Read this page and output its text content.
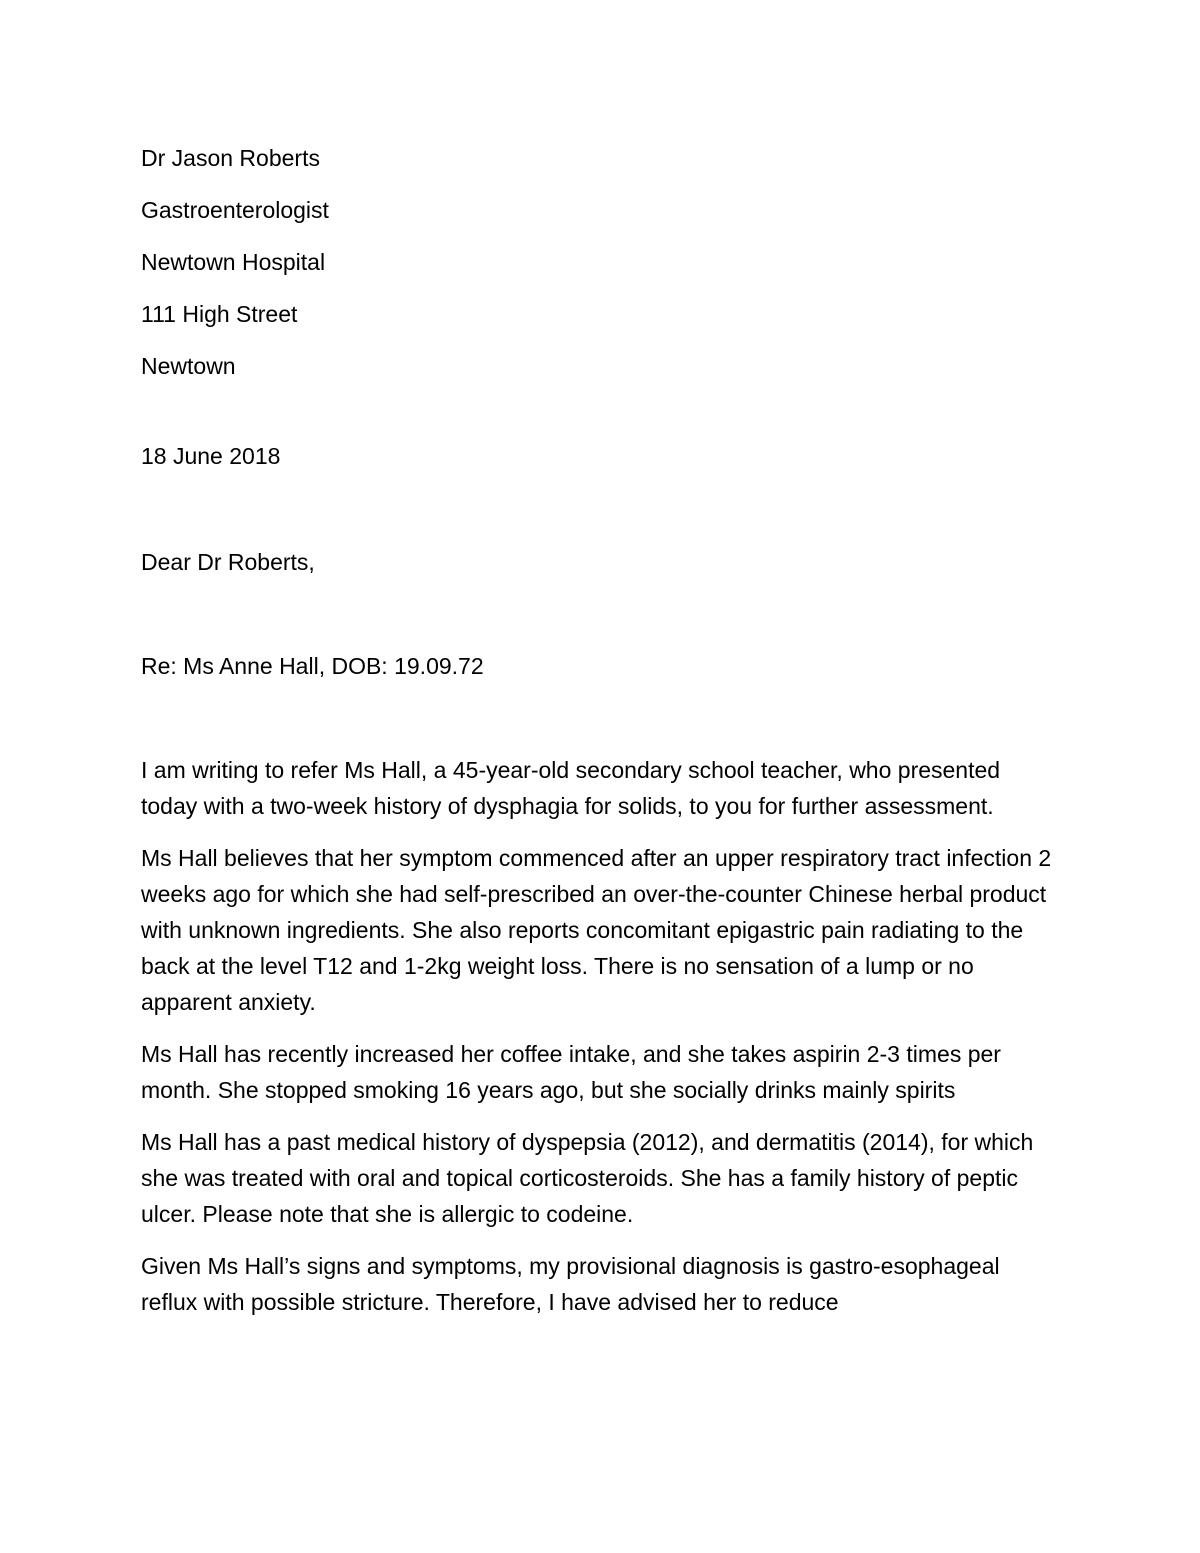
Dr Jason Roberts
Gastroenterologist
Newtown Hospital
111 High Street
Newtown
18 June 2018
Dear Dr Roberts,
Re: Ms Anne Hall, DOB: 19.09.72

I am writing to refer Ms Hall, a 45-year-old secondary school teacher, who presented today with a two-week history of dysphagia for solids, to you for further assessment.

Ms Hall believes that her symptom commenced after an upper respiratory tract infection 2 weeks ago for which she had self-prescribed an over-the-counter Chinese herbal product with unknown ingredients. She also reports concomitant epigastric pain radiating to the back at the level T12 and 1-2kg weight loss. There is no sensation of a lump or no apparent anxiety.

Ms Hall has recently increased her coffee intake, and she takes aspirin 2-3 times per month. She stopped smoking 16 years ago, but she socially drinks mainly spirits

Ms Hall has a past medical history of dyspepsia (2012), and dermatitis (2014), for which she was treated with oral and topical corticosteroids. She has a family history of peptic ulcer. Please note that she is allergic to codeine.

Given Ms Hall’s signs and symptoms, my provisional diagnosis is gastro-esophageal reflux with possible stricture. Therefore, I have advised her to reduce
